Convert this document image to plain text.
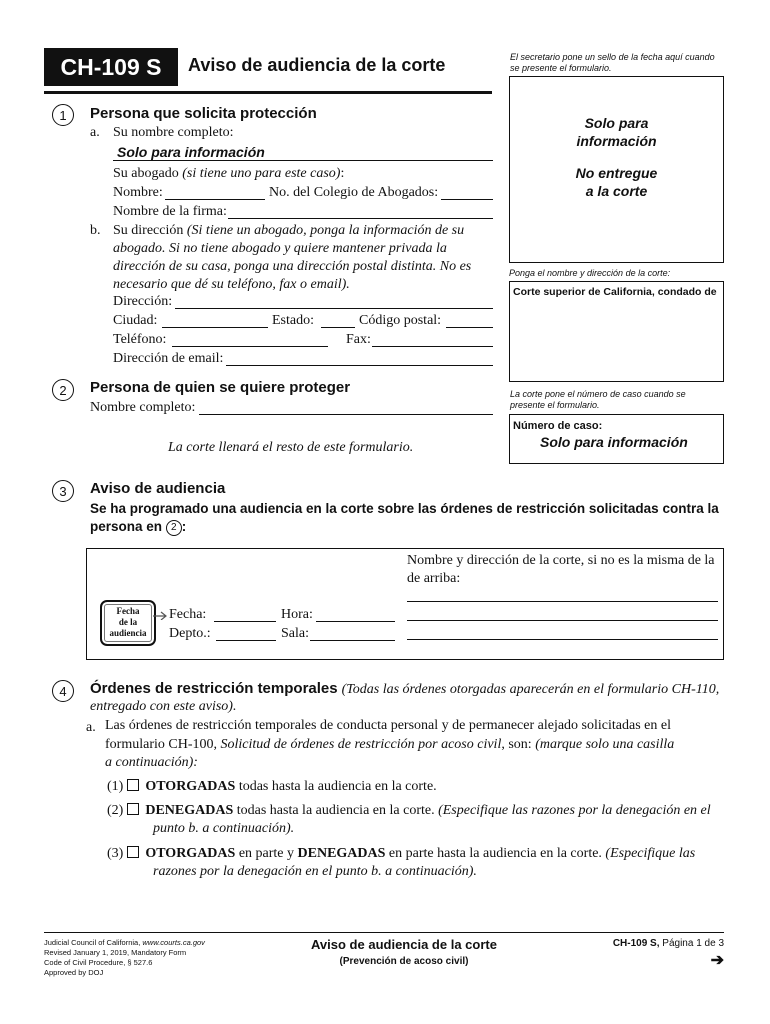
CH-109 S	Aviso de audiencia de la corte	El secretario pone un sello de la fecha aquí cuando se presente el formulario.
Solo para
información
No entregue
a la corte
Ponga el nombre y dirección de la corte:
Corte superior de California, condado de
La corte pone el número de caso cuando se presente el formulario.
Número de caso:
Solo para información
1	Persona que solicita protección
a. Su nombre completo:
Solo para información
Su abogado (si tiene uno para este caso):
Nombre:	No. del Colegio de Abogados:
Nombre de la firma:
b. Su dirección (Si tiene un abogado, ponga la información de su
abogado. Si no tiene abogado y quiere mantener privada la
dirección de su casa, ponga una dirección postal distinta. No es
necesario que dé su teléfono, fax o email).
Dirección:
Ciudad:	Estado:	Código postal:
Teléfono:	Fax:
Dirección de email:
2	Persona de quien se quiere proteger
Nombre completo:
La corte llenará el resto de este formulario.
3	Aviso de audiencia
Se ha programado una audiencia en la corte sobre las órdenes de restricción solicitadas contra la
persona en 2 :
Fecha
de la
audiencia
Fecha:	Hora:
Depto.:	Sala:
Nombre y dirección de la corte, si no es la misma de la
de arriba:
4	Órdenes de restricción temporales (Todas las órdenes otorgadas aparecerán en el formulario CH-110,
entregado con este aviso).
a. Las órdenes de restricción temporales de conducta personal y de permanecer alejado solicitadas en el
formulario CH-100, Solicitud de órdenes de restricción por acoso civil, son: (marque solo una casilla
a continuación):
(1) OTORGADAS todas hasta la audiencia en la corte.
(2) DENEGADAS todas hasta la audiencia en la corte. (Especifique las razones por la denegación en el
punto b. a continuación).
(3) OTORGADAS en parte y DENEGADAS en parte hasta la audiencia en la corte. (Especifique las
razones por la denegación en el punto b. a continuación).
Judicial Council of California, www.courts.ca.gov
Revised January 1, 2019, Mandatory Form
Code of Civil Procedure, § 527.6
Approved by DOJ
Aviso de audiencia de la corte
(Prevención de acoso civil)
CH-109 S, Página 1 de 3
➔
